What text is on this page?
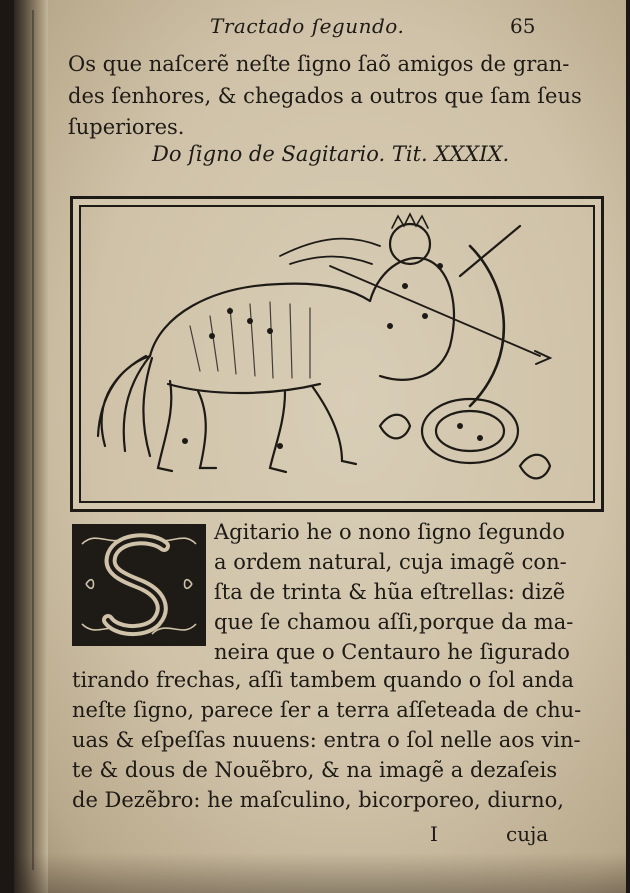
Tractado ſegundo.	65
Os que naſcerẽ neſte ſigno ſaõ amigos de gran-
des ſenhores, & chegados a outros que ſam ſeus
ſuperiores.
Do ſigno de Sagitario. Tit. XXXIX.
Agitario he o nono ſigno ſegundo
a ordem natural, cuja imagẽ con-
ſta de trinta & hũa eſtrellas: dizẽ
que ſe chamou aſſi,porque da ma-
neira que o Centauro he ſigurado
tirando frechas, aſſi tambem quando o ſol anda
neſte ſigno, parece ſer a terra aſſeteada de chu-
uas & eſpeſſas nuuens: entra o ſol nelle aos vin-
te & dous de Nouẽbro, & na imagẽ a dezaſeis
de Dezẽbro: he maſculino, bicorporeo, diurno,
I	cuja
